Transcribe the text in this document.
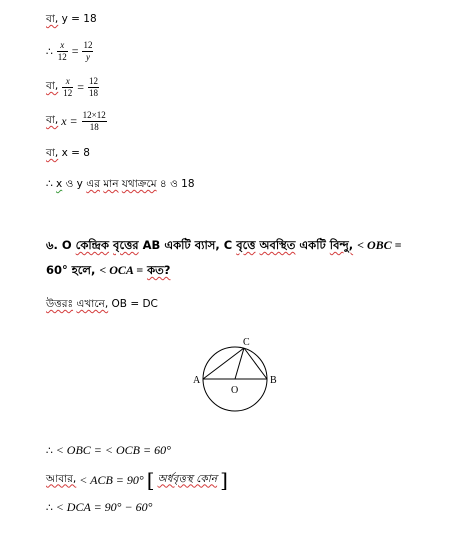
বা, y = 18
∴ $\frac{x}{12} = \frac{12}{y}$
বা, $\frac{x}{12} = \frac{12}{18}$
বা, $x = \frac{12\times 12}{18}$
বা, x = 8
∴ x ও y এর মান যথাক্রমে ৪ ও 18
৬. O কেন্দ্রিক বৃত্তের AB একটি ব্যাস, C বৃত্তে অবস্থিত একটি বিন্দু, < OBC =
60° হলে, < OCA = কত?
উত্তরঃ এখানে, OB = DC
A	B
C
O
∴ < OBC = < OCB = 60°
আবার, < ACB = 90° [ অর্ধবৃত্তস্থ কোন ]
∴ < DCA = 90° − 60°
